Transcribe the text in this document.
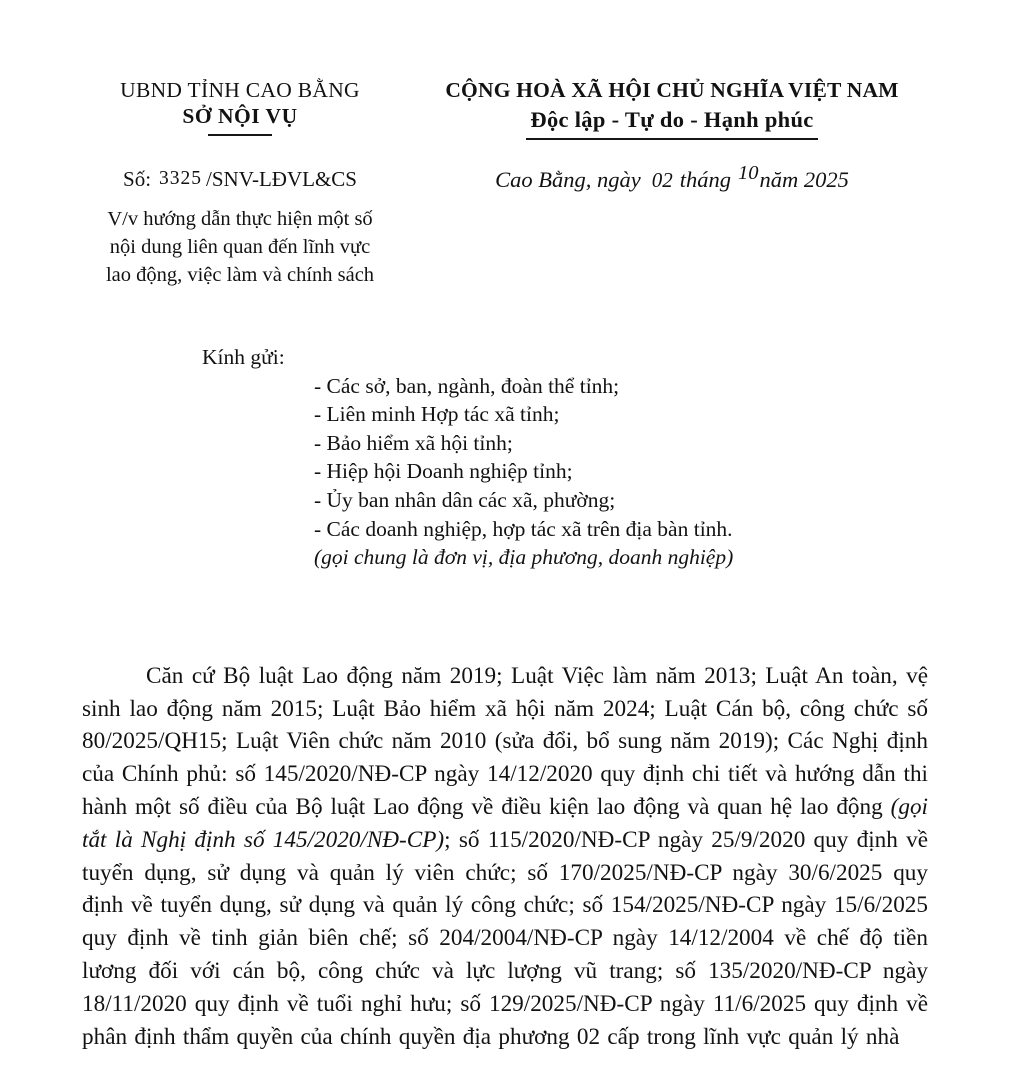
UBND TỈNH CAO BẰNG
SỞ NỘI VỤ
Số: 3325 /SNV-LĐVL&CS
V/v hướng dẫn thực hiện một số
nội dung liên quan đến lĩnh vực
lao động, việc làm và chính sách
CỘNG HOÀ XÃ HỘI CHỦ NGHĨA VIỆT NAM
Độc lập - Tự do - Hạnh phúc
Cao Bằng, ngày 02 tháng 10năm 2025
Kính gửi:
- Các sở, ban, ngành, đoàn thể tỉnh;
- Liên minh Hợp tác xã tỉnh;
- Bảo hiểm xã hội tỉnh;
- Hiệp hội Doanh nghiệp tỉnh;
- Ủy ban nhân dân các xã, phường;
- Các doanh nghiệp, hợp tác xã trên địa bàn tỉnh.
(gọi chung là đơn vị, địa phương, doanh nghiệp)

Căn cứ Bộ luật Lao động năm 2019; Luật Việc làm năm 2013; Luật An toàn, vệ sinh lao động năm 2015; Luật Bảo hiểm xã hội năm 2024; Luật Cán bộ, công chức số 80/2025/QH15; Luật Viên chức năm 2010 (sửa đổi, bổ sung năm 2019); Các Nghị định của Chính phủ: số 145/2020/NĐ-CP ngày 14/12/2020 quy định chi tiết và hướng dẫn thi hành một số điều của Bộ luật Lao động về điều kiện lao động và quan hệ lao động (gọi tắt là Nghị định số 145/2020/NĐ-CP); số 115/2020/NĐ-CP ngày 25/9/2020 quy định về tuyển dụng, sử dụng và quản lý viên chức; số 170/2025/NĐ-CP ngày 30/6/2025 quy định về tuyển dụng, sử dụng và quản lý công chức; số 154/2025/NĐ-CP ngày 15/6/2025 quy định về tinh giản biên chế; số 204/2004/NĐ-CP ngày 14/12/2004 về chế độ tiền lương đối với cán bộ, công chức và lực lượng vũ trang; số 135/2020/NĐ-CP ngày 18/11/2020 quy định về tuổi nghỉ hưu; số 129/2025/NĐ-CP ngày 11/6/2025 quy định về phân định thẩm quyền của chính quyền địa phương 02 cấp trong lĩnh vực quản lý nhà
